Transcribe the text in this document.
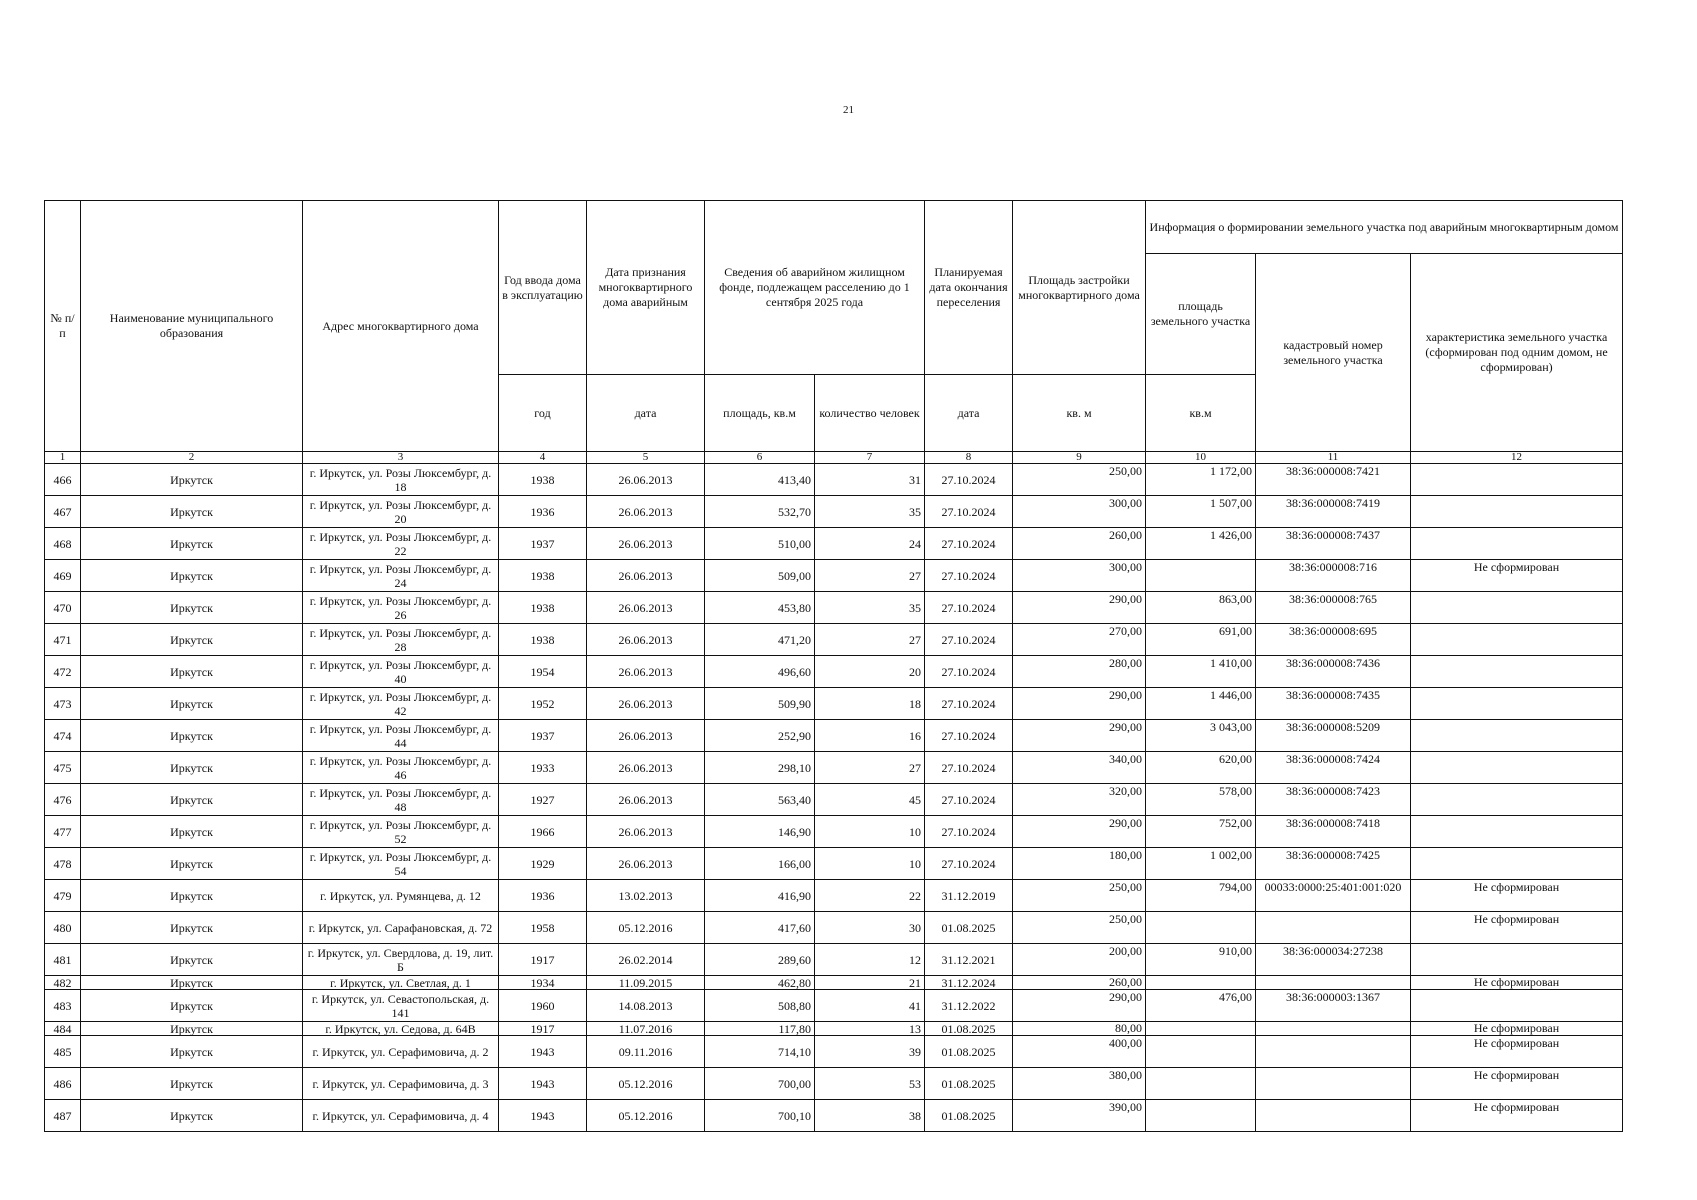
21
№ п/п	Наименование муниципального образования	Адрес многоквартирного дома	Год ввода дома в эксплуатацию	Дата признания многоквартирного дома аварийным	Сведения об аварийном жилищном фонде, подлежащем расселению до 1 сентября 2025 года		Планируемая дата окончания переселения	Площадь застройки многоквартирного дома	Информация о формировании земельного участка под аварийным многоквартирным домом		
									площадь земельного участка	кадастровый номер земельного участка	характеристика земельного участка (сформирован под одним домом, не сформирован)
			год	дата	площадь, кв.м	количество человек	дата	кв. м	кв.м		
1	2	3	4	5	6	7	8	9	10	11	12
466	Иркутск	г. Иркутск, ул. Розы Люксембург, д. 18	1938	26.06.2013	413,40	31	27.10.2024	250,00	1 172,00	38:36:000008:7421	
467	Иркутск	г. Иркутск, ул. Розы Люксембург, д. 20	1936	26.06.2013	532,70	35	27.10.2024	300,00	1 507,00	38:36:000008:7419	
468	Иркутск	г. Иркутск, ул. Розы Люксембург, д. 22	1937	26.06.2013	510,00	24	27.10.2024	260,00	1 426,00	38:36:000008:7437	
469	Иркутск	г. Иркутск, ул. Розы Люксембург, д. 24	1938	26.06.2013	509,00	27	27.10.2024	300,00		38:36:000008:716	Не сформирован
470	Иркутск	г. Иркутск, ул. Розы Люксембург, д. 26	1938	26.06.2013	453,80	35	27.10.2024	290,00	863,00	38:36:000008:765	
471	Иркутск	г. Иркутск, ул. Розы Люксембург, д. 28	1938	26.06.2013	471,20	27	27.10.2024	270,00	691,00	38:36:000008:695	
472	Иркутск	г. Иркутск, ул. Розы Люксембург, д. 40	1954	26.06.2013	496,60	20	27.10.2024	280,00	1 410,00	38:36:000008:7436	
473	Иркутск	г. Иркутск, ул. Розы Люксембург, д. 42	1952	26.06.2013	509,90	18	27.10.2024	290,00	1 446,00	38:36:000008:7435	
474	Иркутск	г. Иркутск, ул. Розы Люксембург, д. 44	1937	26.06.2013	252,90	16	27.10.2024	290,00	3 043,00	38:36:000008:5209	
475	Иркутск	г. Иркутск, ул. Розы Люксембург, д. 46	1933	26.06.2013	298,10	27	27.10.2024	340,00	620,00	38:36:000008:7424	
476	Иркутск	г. Иркутск, ул. Розы Люксембург, д. 48	1927	26.06.2013	563,40	45	27.10.2024	320,00	578,00	38:36:000008:7423	
477	Иркутск	г. Иркутск, ул. Розы Люксембург, д. 52	1966	26.06.2013	146,90	10	27.10.2024	290,00	752,00	38:36:000008:7418	
478	Иркутск	г. Иркутск, ул. Розы Люксембург, д. 54	1929	26.06.2013	166,00	10	27.10.2024	180,00	1 002,00	38:36:000008:7425	
479	Иркутск	г. Иркутск, ул. Румянцева, д. 12	1936	13.02.2013	416,90	22	31.12.2019	250,00	794,00	00033:0000:25:401:001:020	Не сформирован
480	Иркутск	г. Иркутск, ул. Сарафановская, д. 72	1958	05.12.2016	417,60	30	01.08.2025	250,00			Не сформирован
481	Иркутск	г. Иркутск, ул. Свердлова, д. 19, лит. Б	1917	26.02.2014	289,60	12	31.12.2021	200,00	910,00	38:36:000034:27238	
482	Иркутск	г. Иркутск, ул. Светлая, д. 1	1934	11.09.2015	462,80	21	31.12.2024	260,00			Не сформирован
483	Иркутск	г. Иркутск, ул. Севастопольская, д. 141	1960	14.08.2013	508,80	41	31.12.2022	290,00	476,00	38:36:000003:1367	
484	Иркутск	г. Иркутск, ул. Седова, д. 64В	1917	11.07.2016	117,80	13	01.08.2025	80,00			Не сформирован
485	Иркутск	г. Иркутск, ул. Серафимовича, д. 2	1943	09.11.2016	714,10	39	01.08.2025	400,00			Не сформирован
486	Иркутск	г. Иркутск, ул. Серафимовича, д. 3	1943	05.12.2016	700,00	53	01.08.2025	380,00			Не сформирован
487	Иркутск	г. Иркутск, ул. Серафимовича, д. 4	1943	05.12.2016	700,10	38	01.08.2025	390,00			Не сформирован
